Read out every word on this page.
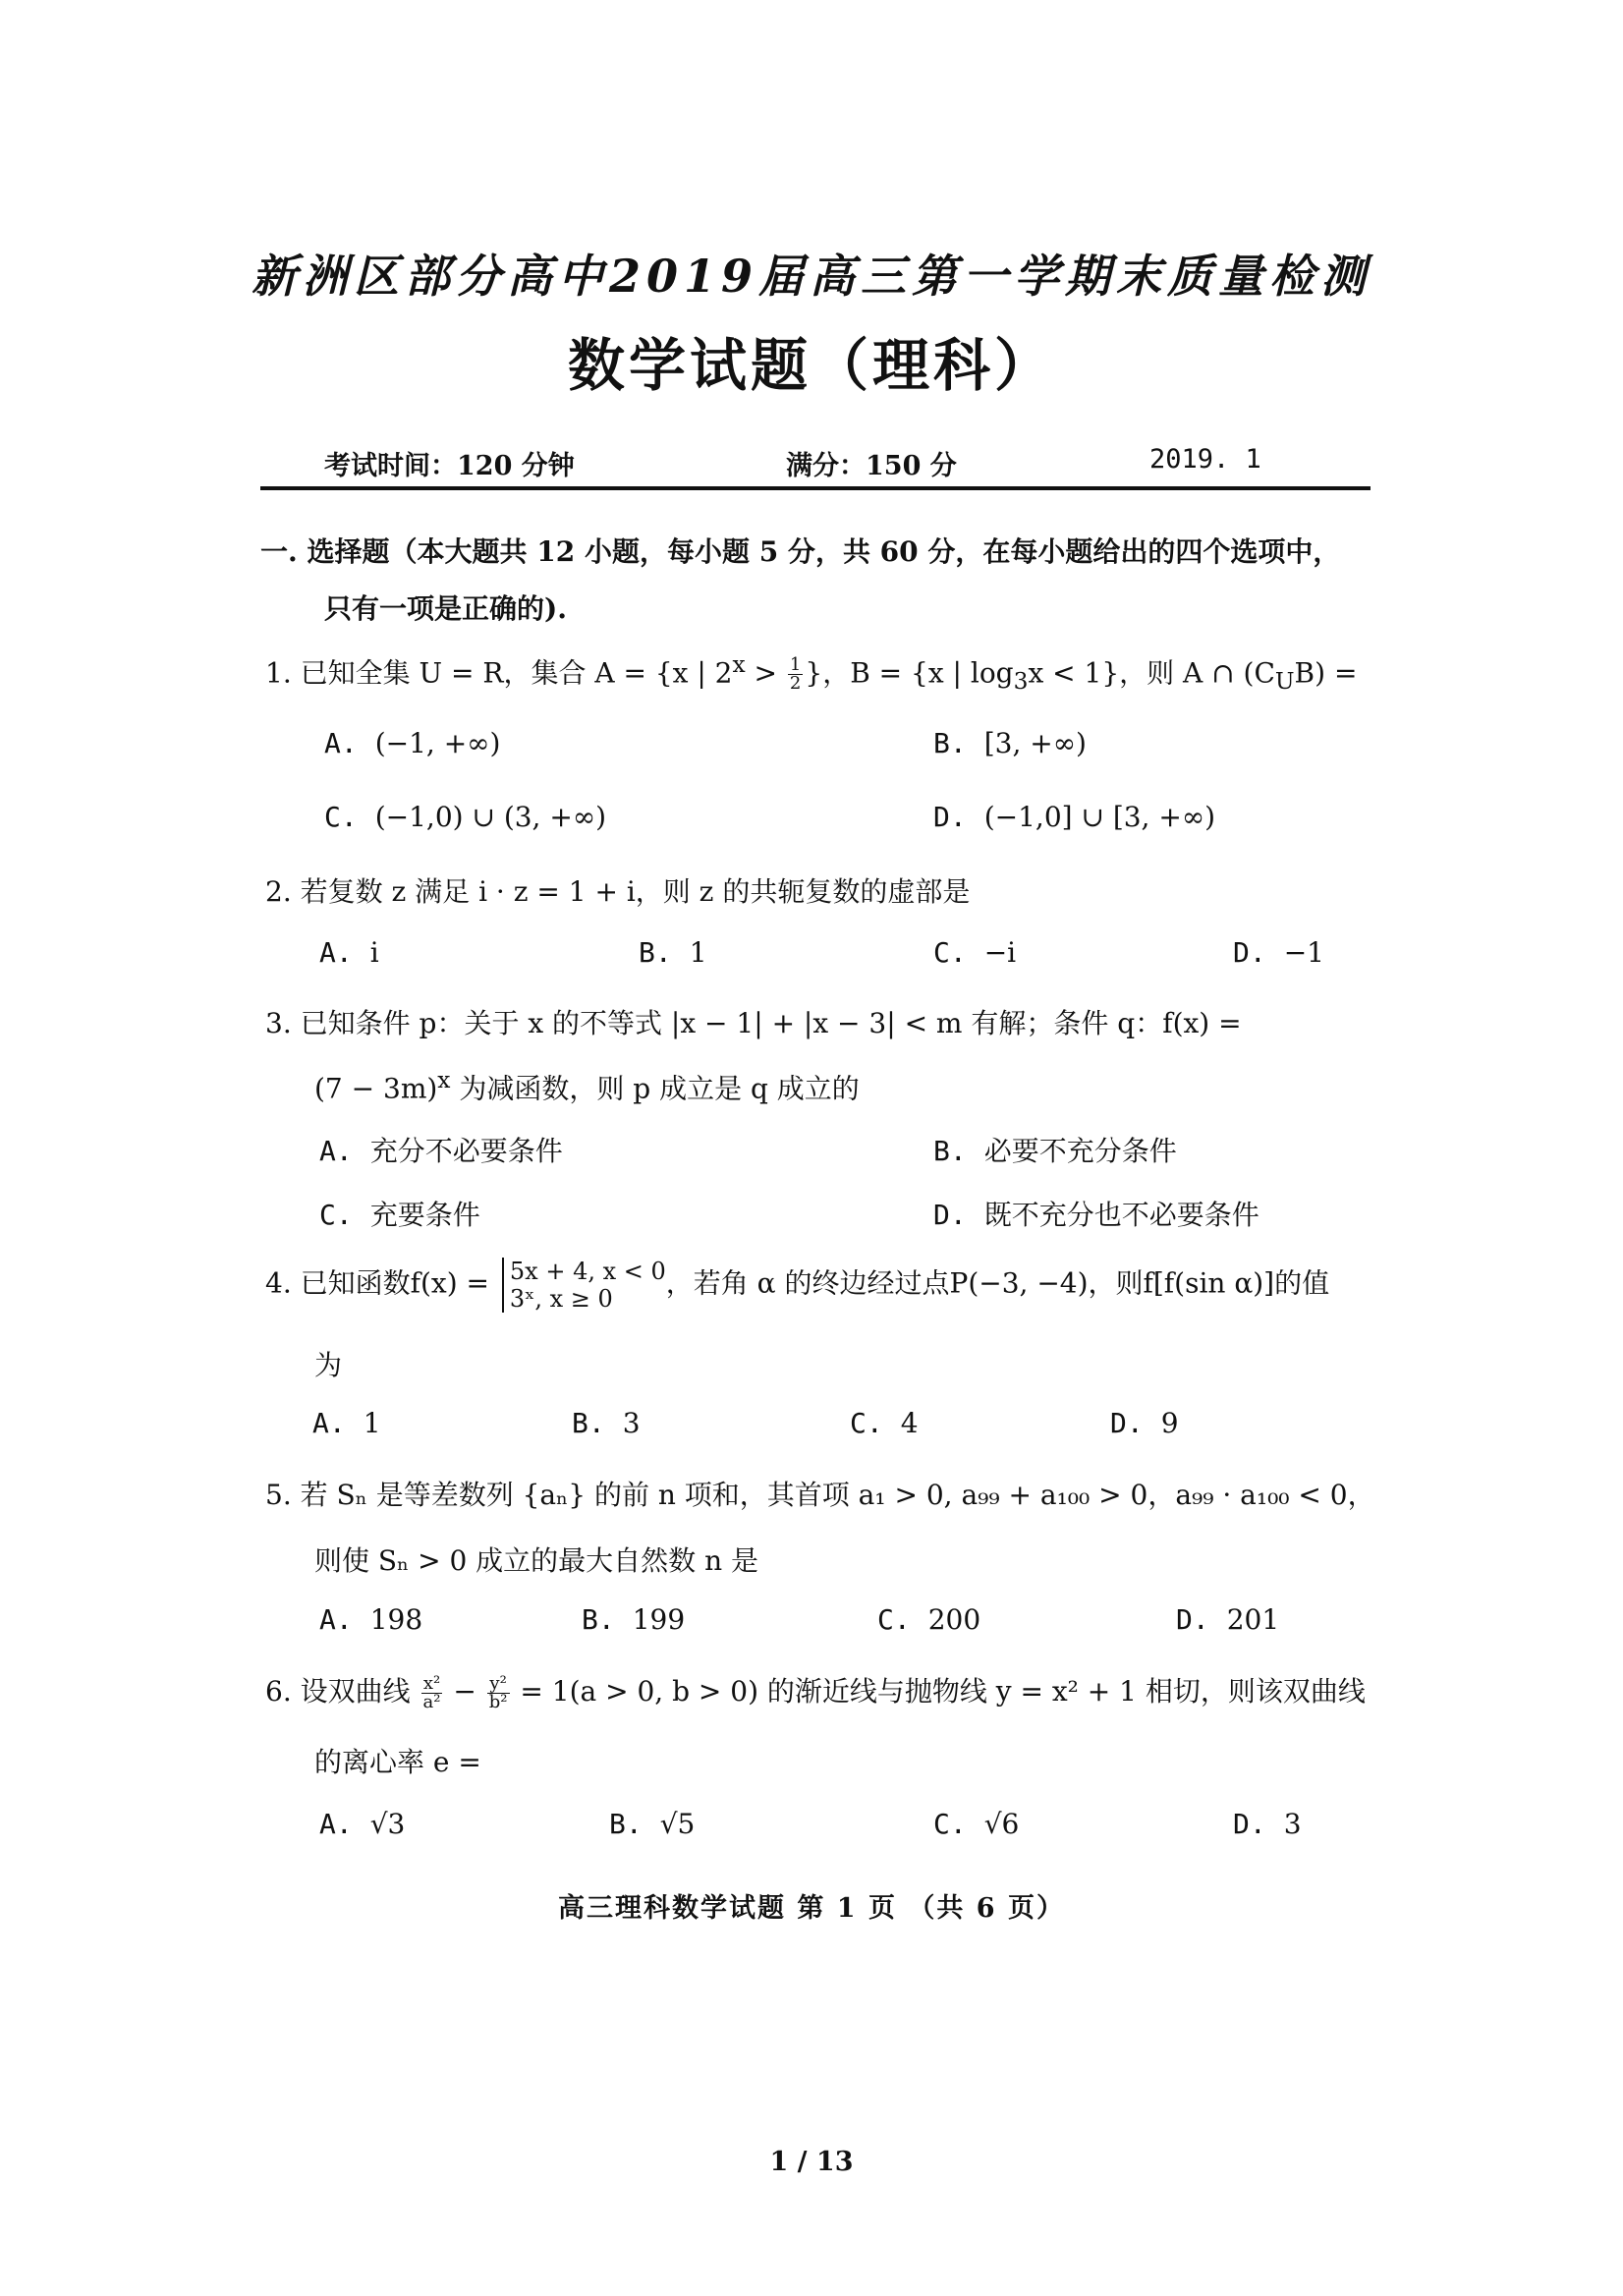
新洲区部分高中2019届高三第一学期末质量检测
数学试题（理科）
考试时间：120 分钟	满分：150 分	2019. 1
一. 选择题（本大题共 12 小题，每小题 5 分，共 60 分，在每小题给出的四个选项中，
只有一项是正确的).
1. 已知全集 U = R，集合 A = {x | $2^x > \frac{1}{2}$ }，B = {x | $\log_3x < 1$}，则 A ∩ $(C_UB)$ =
A. (−1, +∞)	B. [3, +∞)
C. (−1,0) ∪ (3, +∞)	D. (−1,0] ∪ [3, +∞)
2. 若复数 z 满足 i · z = 1 + i，则 z 的共轭复数的虚部是
A. i	B. 1	C. −i	D. −1
3. 已知条件 p：关于 x 的不等式 |x − 1| + |x − 3| < m 有解；条件 q：f(x) =
$(7 - 3m)^x$ 为减函数，则 p 成立是 q 成立的
A. 充分不必要条件	B. 必要不充分条件
C. 充要条件	D. 既不充分也不必要条件
4. 已知函数f(x) = 5x + 4, x < 0
3ˣ, x ≥ 0	，若角 α 的终边经过点P(−3, −4)，则f[f(sin α)]的值
为
A. 1	B. 3	C. 4	D. 9
5. 若 Sₙ 是等差数列 {aₙ} 的前 n 项和，其首项 a₁ > 0, a₉₉ + a₁₀₀ > 0，a₉₉ · a₁₀₀ < 0，
则使 Sₙ > 0 成立的最大自然数 n 是
A. 198	B. 199	C. 200	D. 201
6. 设双曲线 $\frac{\text{x²}}{\text{a²}} - \frac{\text{y²}}{\text{b²}} = 1(a > 0$, b > 0) 的渐近线与抛物线 y = x² + 1 相切，则该双曲线
的离心率 e =
A. √3	B. √5	C. √6	D. 3
高三理科数学试题 第 1 页 （共 6 页）
1 / 13
